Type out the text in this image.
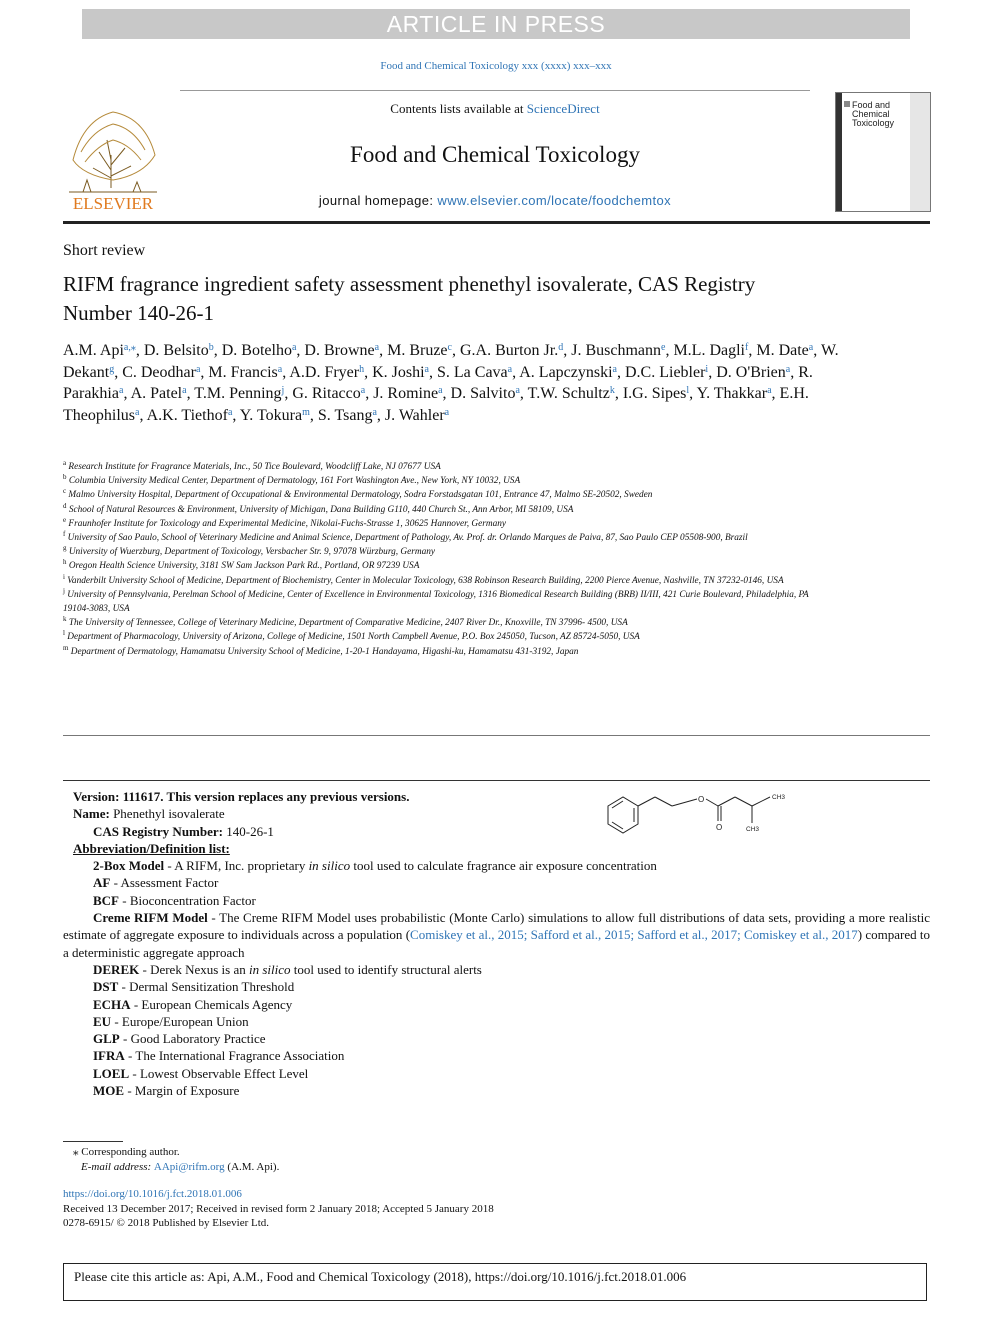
ARTICLE IN PRESS
Food and Chemical Toxicology xxx (xxxx) xxx–xxx
ELSEVIER
Contents lists available at ScienceDirect
Food and Chemical Toxicology
journal homepage: www.elsevier.com/locate/foodchemtox
Food and Chemical Toxicology
Short review
RIFM fragrance ingredient safety assessment phenethyl isovalerate, CAS Registry Number 140-26-1
A.M. Api$^{a,⁎}$, D. Belsito$^b$, D. Botelho$^a$, D. Browne$^a$, M. Bruze$^c$, G.A. Burton Jr.$^d$, J. Buschmann$^e$, M.L. Dagli$^f$, M. Date$^a$, W. Dekant$^g$, C. Deodhar$^a$, M. Francis$^a$, A.D. Fryer$^h$, K. Joshi$^a$, S. La Cava$^a$, A. Lapczynski$^a$, D.C. Liebler$^i$, D. O'Brien$^a$, R. Parakhia$^a$, A. Patel$^a$, T.M. Penning$^j$, G. Ritacco$^a$, J. Romine$^a$, D. Salvito$^a$, T.W. Schultz$^k$, I.G. Sipes$^l$, Y. Thakkar$^a$, E.H. Theophilus$^a$, A.K. Tiethof$^a$, Y. Tokura$^m$, S. Tsang$^a$, J. Wahler$^a$
$^a$ Research Institute for Fragrance Materials, Inc., 50 Tice Boulevard, Woodcliff Lake, NJ 07677 USA
$^b$ Columbia University Medical Center, Department of Dermatology, 161 Fort Washington Ave., New York, NY 10032, USA
$^c$ Malmo University Hospital, Department of Occupational & Environmental Dermatology, Sodra Forstadsgatan 101, Entrance 47, Malmo SE-20502, Sweden
$^d$ School of Natural Resources & Environment, University of Michigan, Dana Building G110, 440 Church St., Ann Arbor, MI 58109, USA
$^e$ Fraunhofer Institute for Toxicology and Experimental Medicine, Nikolai-Fuchs-Strasse 1, 30625 Hannover, Germany
$^f$ University of Sao Paulo, School of Veterinary Medicine and Animal Science, Department of Pathology, Av. Prof. dr. Orlando Marques de Paiva, 87, Sao Paulo CEP 05508-900, Brazil
$^g$ University of Wuerzburg, Department of Toxicology, Versbacher Str. 9, 97078 Würzburg, Germany
$^h$ Oregon Health Science University, 3181 SW Sam Jackson Park Rd., Portland, OR 97239 USA
$^i$ Vanderbilt University School of Medicine, Department of Biochemistry, Center in Molecular Toxicology, 638 Robinson Research Building, 2200 Pierce Avenue, Nashville, TN 37232-0146, USA
$^j$ University of Pennsylvania, Perelman School of Medicine, Center of Excellence in Environmental Toxicology, 1316 Biomedical Research Building (BRB) II/III, 421 Curie Boulevard, Philadelphia, PA 19104-3083, USA
$^k$ The University of Tennessee, College of Veterinary Medicine, Department of Comparative Medicine, 2407 River Dr., Knoxville, TN 37996- 4500, USA
$^l$ Department of Pharmacology, University of Arizona, College of Medicine, 1501 North Campbell Avenue, P.O. Box 245050, Tucson, AZ 85724-5050, USA
$^m$ Department of Dermatology, Hamamatsu University School of Medicine, 1-20-1 Handayama, Higashi-ku, Hamamatsu 431-3192, Japan
O
O
CH3
CH3
Version: 111617. This version replaces any previous versions.
Name: Phenethyl isovalerate
CAS Registry Number: 140-26-1
Abbreviation/Definition list:
2-Box Model - A RIFM, Inc. proprietary in silico tool used to calculate fragrance air exposure concentration
AF - Assessment Factor
BCF - Bioconcentration Factor
Creme RIFM Model - The Creme RIFM Model uses probabilistic (Monte Carlo) simulations to allow full distributions of data sets, providing a more realistic estimate of aggregate exposure to individuals across a population (Comiskey et al., 2015; Safford et al., 2015; Safford et al., 2017; Comiskey et al., 2017) compared to a deterministic aggregate approach
DEREK - Derek Nexus is an in silico tool used to identify structural alerts
DST - Dermal Sensitization Threshold
ECHA - European Chemicals Agency
EU - Europe/European Union
GLP - Good Laboratory Practice
IFRA - The International Fragrance Association
LOEL - Lowest Observable Effect Level
MOE - Margin of Exposure
⁎ Corresponding author.
E-mail address: AApi@rifm.org (A.M. Api).
https://doi.org/10.1016/j.fct.2018.01.006
Received 13 December 2017; Received in revised form 2 January 2018; Accepted 5 January 2018
0278-6915/ © 2018 Published by Elsevier Ltd.
Please cite this article as: Api, A.M., Food and Chemical Toxicology (2018), https://doi.org/10.1016/j.fct.2018.01.006
